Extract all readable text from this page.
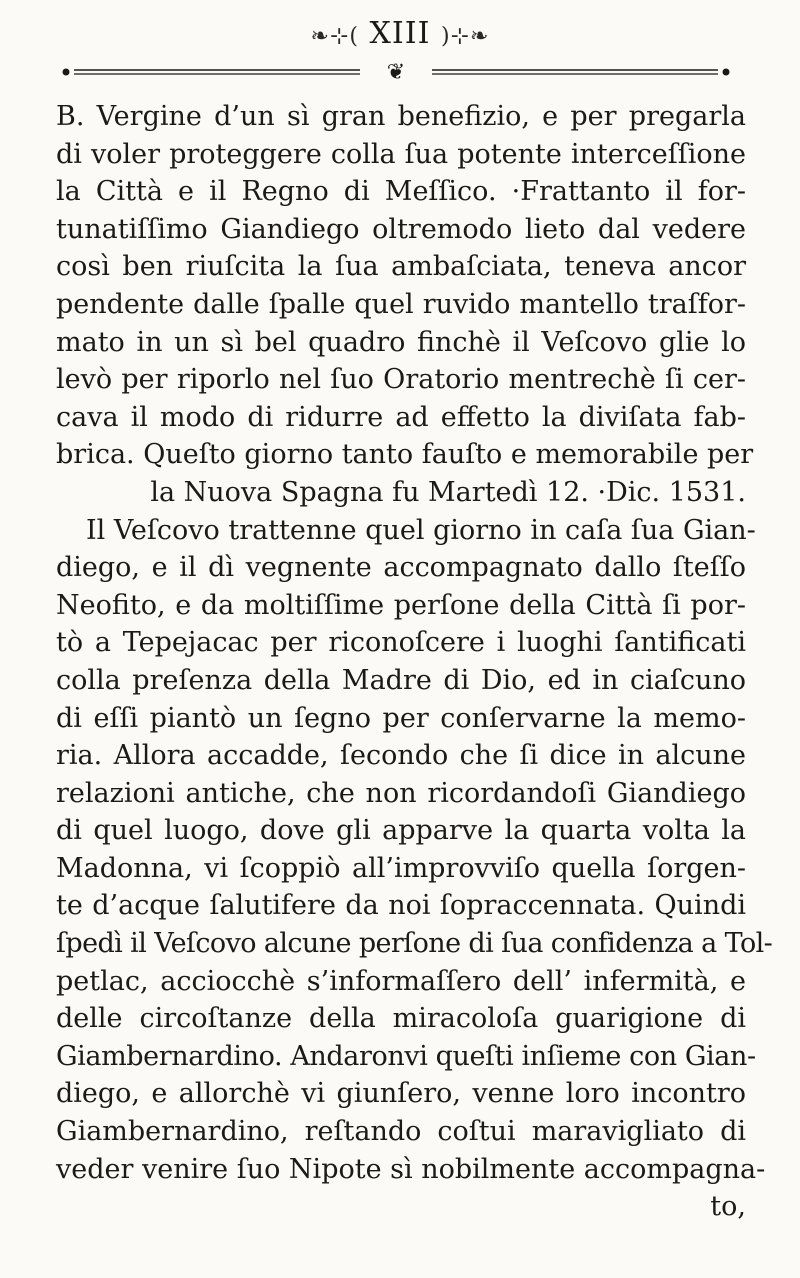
❧⊹( XIII )⊹❧
❦
B. Vergine d’un sì gran benefizio, e per pregarla
di voler proteggere colla ſua potente interceſſione
la Città e il Regno di Meſſico. ·Frattanto il for-
tunatiſſimo Giandiego oltremodo lieto dal vedere
così ben riuſcita la ſua ambaſciata, teneva ancor
pendente dalle ſpalle quel ruvido mantello traſfor-
mato in un sì bel quadro finchè il Veſcovo glie lo
levò per riporlo nel ſuo Oratorio mentrechè ſi cer-
cava il modo di ridurre ad effetto la diviſata fab-
brica. Queſto giorno tanto fauſto e memorabile per
la Nuova Spagna fu Martedì 12. ·Dic. 1531.
Il Veſcovo trattenne quel giorno in caſa ſua Gian-
diego, e il dì vegnente accompagnato dallo ſteſſo
Neofito, e da moltiſſime perſone della Città ſi por-
tò a Tepejacac per riconoſcere i luoghi ſantificati
colla preſenza della Madre di Dio, ed in ciaſcuno
di eſſi piantò un ſegno per conſervarne la memo-
ria. Allora accadde, ſecondo che ſi dice in alcune
relazioni antiche, che non ricordandoſi Giandiego
di quel luogo, dove gli apparve la quarta volta la
Madonna, vi ſcoppiò all’improvviſo quella ſorgen-
te d’acque ſalutifere da noi ſopraccennata. Quindi
ſpedì il Veſcovo alcune perſone di ſua confidenza a Tol-
petlac, acciocchè s’informaſſero dell’ infermità, e
delle circoſtanze della miracoloſa guarigione di
Giambernardino. Andaronvi queſti inſieme con Gian-
diego, e allorchè vi giunſero, venne loro incontro
Giambernardino, reſtando coſtui maravigliato di
veder venire ſuo Nipote sì nobilmente accompagna-
to,
